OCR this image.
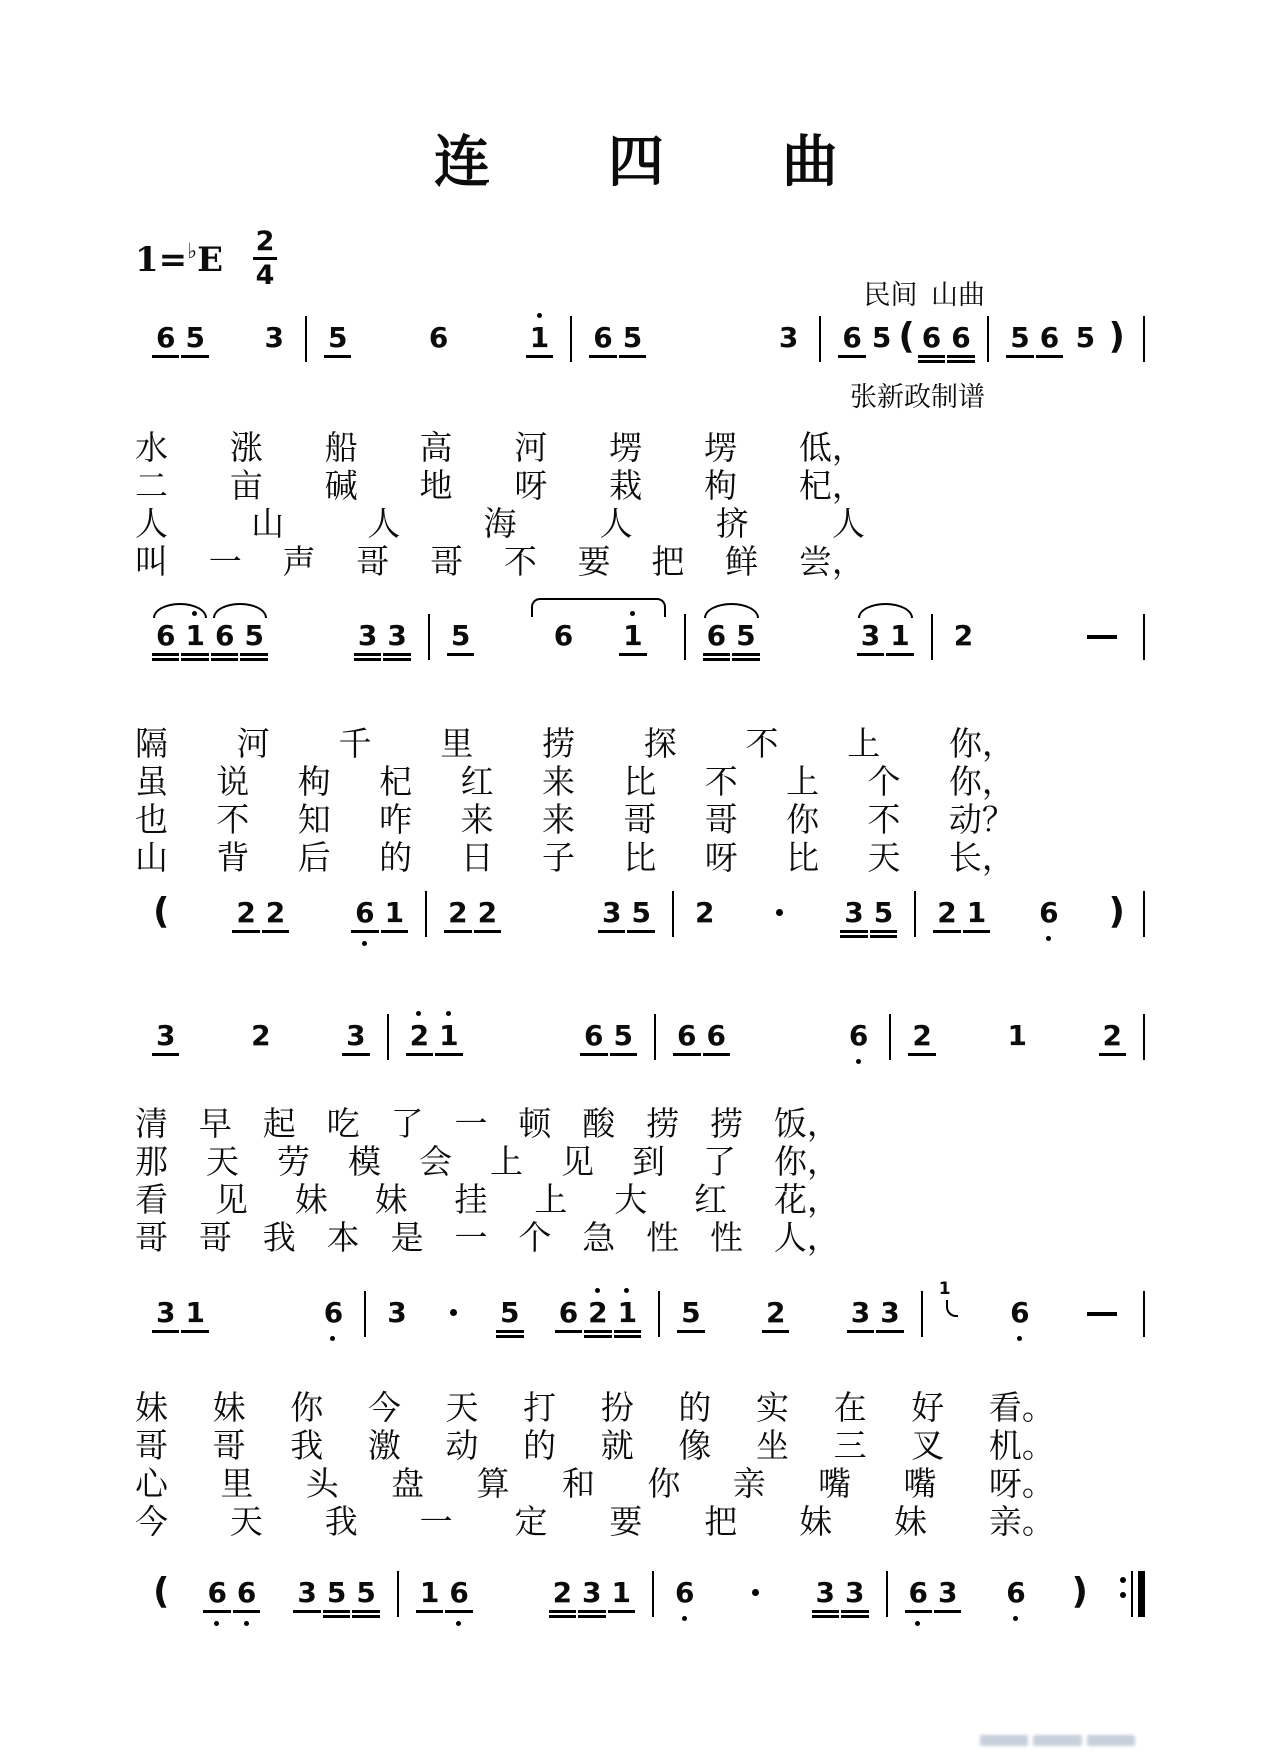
连  四  曲
1=♭E 2
4

民间  山曲

张新政制谱

6 5 3 5	6	1 6 5	3 6 5 ( 6 6 5 6 5 )
6 1 6 5	3 3 5	6 1 6 5	3 1 2
( 2 2 6 1 2 2	3 5 2	3 5 2 1 6 )
3	2	3 2 1	6 5 6 6	6 2	1	2
3 1	6 3	5 6 2 1 5 2 3 3
1
6
( 6 6 3 5 5 1 6	2 3 1 6	3 3 6 3 6 )
水 涨 船 高 河 塄 塄 低，
二 亩 碱 地 呀 栽 枸 杞，
人	山	人	海	人	挤	人
叫 一 声 哥 哥 不 要 把 鲜 尝，
隔 河 千 里 捞 探 不 上 你，
虽 说 枸 杞 红 来 比 不 上 个 你，
也 不 知 咋 来 来 哥 哥 你 不 动？
山 背 后 的 日 子 比 呀 比 天 长，
清 早 起 吃 了 一 顿 酸 捞 捞 饭，
那 天 劳 模 会 上 见 到 了 你，
看 见 妹 妹 挂 上 大 红 花，
哥 哥 我 本 是 一 个 急 性 性 人，
妹 妹 你 今 天 打 扮 的 实 在 好 看。
哥 哥 我 激 动 的 就 像 坐 三 叉 机。
心 里 头 盘 算 和 你 亲 嘴 嘴 呀。
今 天 我 一 定 要 把 妹 妹 亲。
